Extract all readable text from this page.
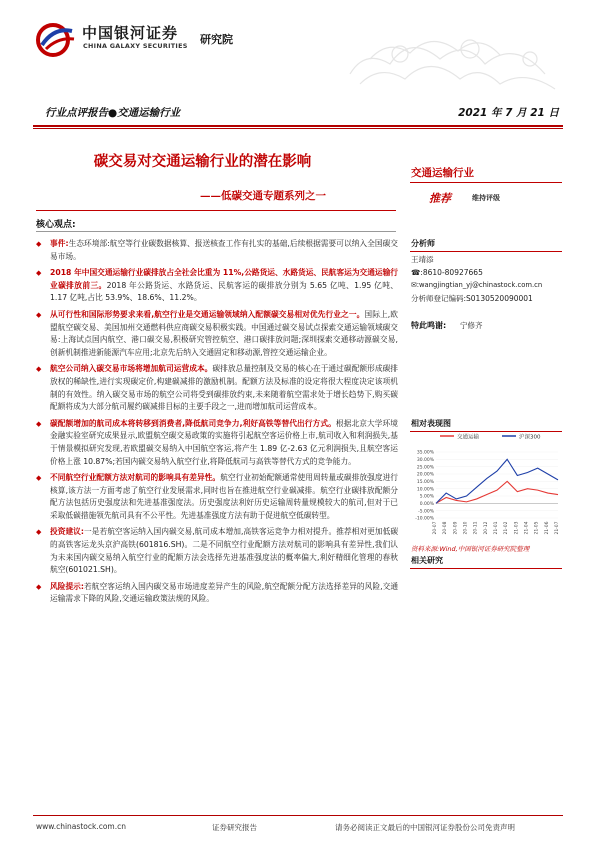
中国银河证券
CHINA GALAXY SECURITIES 研究院
行业点评报告●交通运输行业	2021 年 7 月 21 日
碳交易对交通运输行业的潜在影响
——低碳交通专题系列之一
核心观点:
◆ 事件:生态环境部:航空等行业碳数据核算、报送核查工作有扎实的基础,后续根据需要可以纳入全国碳交易市场。
◆ 2018 年中国交通运输行业碳排放占全社会比重为 11%,公路货运、水路货运、民航客运为交通运输行业碳排放前三。2018 年公路货运、水路货运、民航客运的碳排放分别为 5.65 亿吨、1.95 亿吨、1.17 亿吨,占比 53.9%、18.6%、11.2%。
◆ 从可行性和国际形势要求来看,航空行业是交通运输领域纳入配额碳交易相对优先行业之一。国际上,欧盟航空碳交易、美国加州交通燃料供应商碳交易积极实践。中国通过碳交易试点探索交通运输领域碳交易:上海试点国内航空、港口碳交易,积极研究管控航空、港口碳排放问题;深圳探索交通移动源碳交易,创新机制推进新能源汽车应用;北京先后纳入交通固定和移动源,管控交通运输企业。
◆ 航空公司纳入碳交易市场将增加航司运营成本。碳排放总量控制及交易的核心在于通过碳配额形成碳排放权的稀缺性,进行实现碳定价,构建碳减排的激励机制。配额方法及标准的设定将很大程度决定该项机制的有效性。纳入碳交易市场的航空公司将受到碳排放约束,未来随着航空需求处于增长趋势下,购买碳配额将成为大部分航司履约碳减排目标的主要手段之一,进而增加航司运营成本。
◆ 碳配额增加的航司成本将转移到消费者,降低航司竞争力,利好高铁等替代出行方式。根据北京大学环境金融实验室研究成果显示,欧盟航空碳交易政策的实施将引起航空客运价格上市,航司收入和利润损失,基于情景模拟研究发现,若欧盟碳交易纳入中国航空客运,将产生 1.89 亿-2.63 亿元利润损失,且航空客运价格上涨 10.87%;若国内碳交易纳入航空行业,将降低航司与高铁等替代方式的竞争能力。
◆ 不同航空行业配额方法对航司的影响具有差异性。航空行业初始配额通常使用周转量或碳排放强度进行核算,该方法一方面考虑了航空行业发展需求,同时也旨在推进航空行业碳减排。航空行业碳排放配额分配方法包括历史强度法和先进基准强度法。历史强度法利好历史运输周转量规模较大的航司,但对于已采取低碳措施领先航司具有不公平性。先进基准强度方法有助于促进航空低碳转型。
◆ 投资建议:一是若航空客运纳入国内碳交易,航司成本增加,高铁客运竞争力相对提升。推荐相对更加低碳的高铁客运龙头京沪高铁(601816.SH)。二是不同航空行业配额方法对航司的影响具有差异性,我们认为未来国内碳交易纳入航空行业的配额方法会选择先进基准强度法的概率偏大,利好精细化管理的春秋航空(601021.SH)。
◆ 风险提示:若航空客运纳入国内碳交易市场进度差异产生的风险,航空配额分配方法选择差异的风险,交通运输需求下降的风险,交通运输政策法规的风险。
交通运输行业
推荐	维持评级
分析师
王靖添
☎:8610-80927665
✉:wangjingtian_yj@chinastock.com.cn
分析师登记编码:S0130520090001
特此鸣谢: 宁修齐
相对表现图
交通运输	沪深300
35.00%
30.00%
25.00%
20.00%
15.00%
10.00%
5.00%
0.00%
-5.00%
-10.00%
20-07 20-08 20-09 20-10 20-11 20-12 21-01 21-02 21-03 21-04 21-05 21-06 21-07
资料来源:Wind,中国银河证券研究院整理
相关研究
www.chinastock.com.cn	证券研究报告	请务必阅读正文最后的中国银河证券股份公司免责声明
